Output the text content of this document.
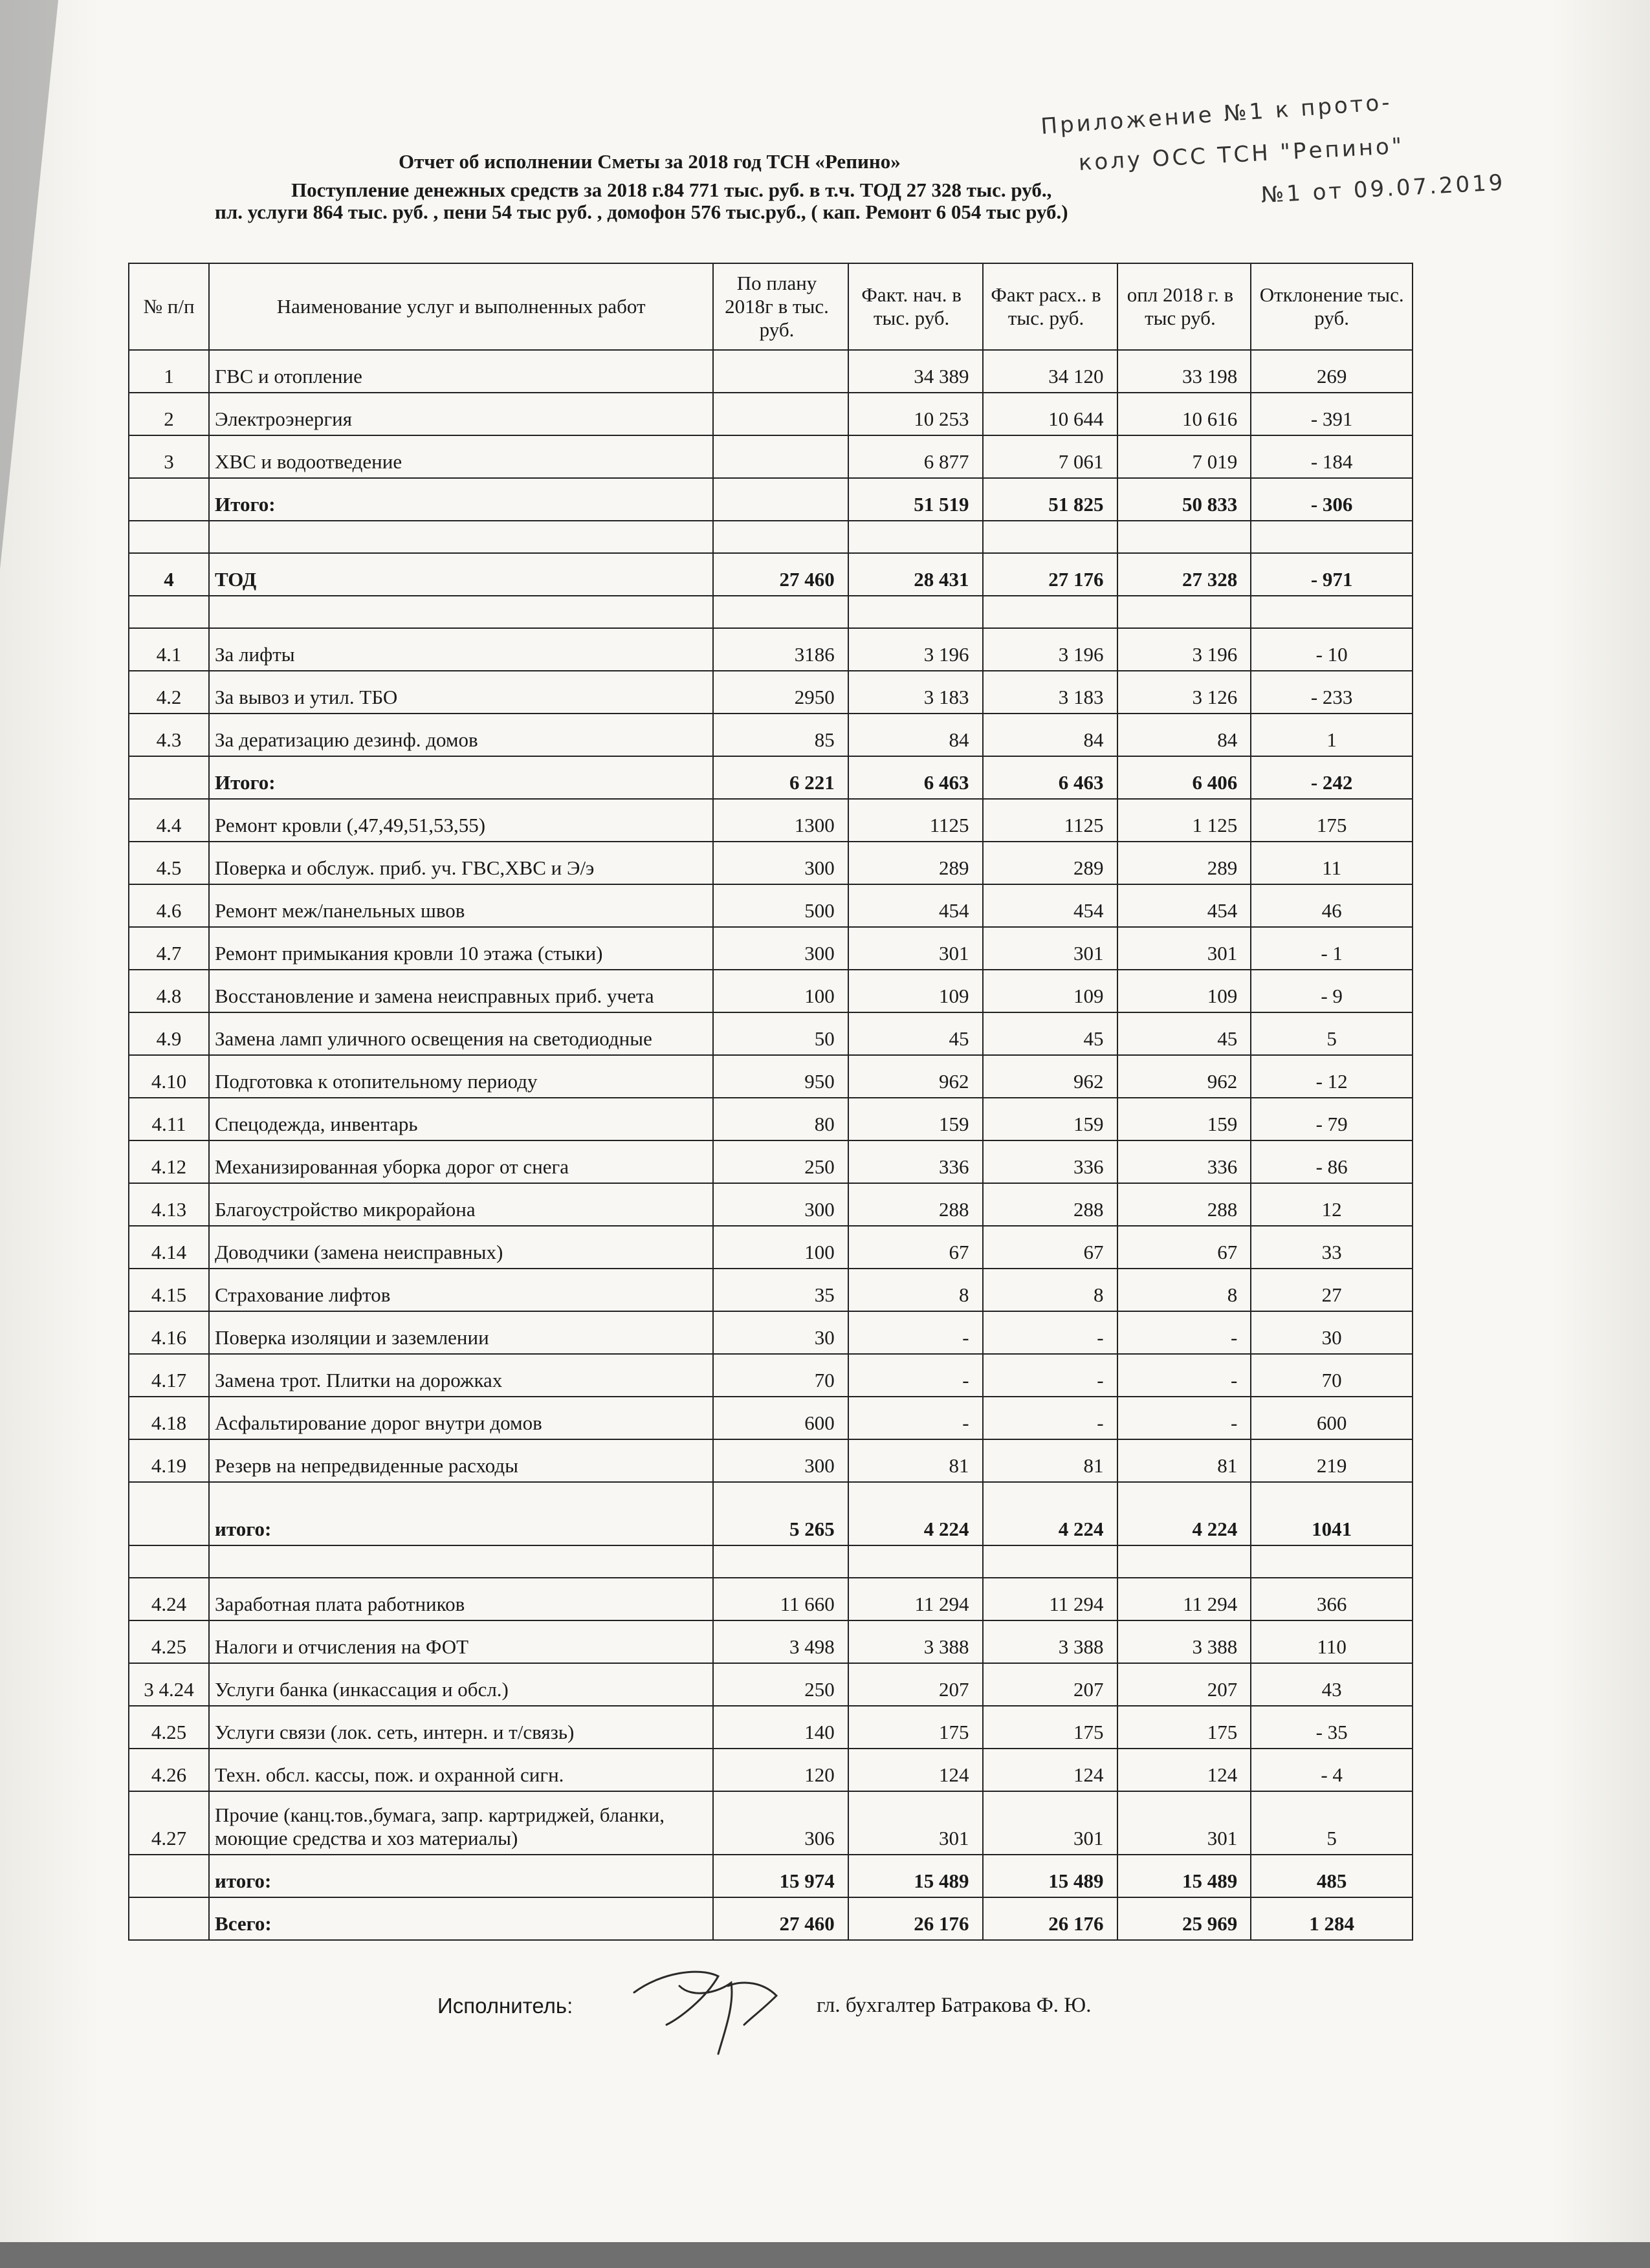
Приложение №1 к прото-
колу ОСС ТСН "Репино"
№1 от 09.07.2019
Отчет об исполнении Сметы за 2018 год ТСН «Репино»
Поступление денежных средств за 2018 г.84 771 тыс. руб. в т.ч. ТОД 27 328 тыс. руб.,
пл. услуги 864 тыс. руб. , пени 54 тыс руб. , домофон 576 тыс.руб., ( кап. Ремонт 6 054 тыс руб.)
№ п/п	Наименование услуг и выполненных работ	По плану 2018г в тыс. руб.	Факт. нач. в тыс. руб.	Факт расх.. в тыс. руб.	опл 2018 г. в тыс руб.	Отклонение тыс. руб.
1	ГВС и отопление		34 389	34 120	33 198	269
2	Электроэнергия		10 253	10 644	10 616	- 391
3	ХВС и водоотведение		6 877	7 061	7 019	- 184
	Итого:		51 519	51 825	50 833	- 306

4	ТОД	27 460	28 431	27 176	27 328	- 971

4.1	За лифты	3186	3 196	3 196	3 196	- 10
4.2	За вывоз и утил. ТБО	2950	3 183	3 183	3 126	- 233
4.3	За дератизацию дезинф. домов	85	84	84	84	1
	Итого:	6 221	6 463	6 463	6 406	- 242
4.4	Ремонт кровли (,47,49,51,53,55)	1300	1125	1125	1 125	175
4.5	Поверка и обслуж. приб. уч. ГВС,ХВС и Э/э	300	289	289	289	11
4.6	Ремонт меж/панельных швов	500	454	454	454	46
4.7	Ремонт примыкания кровли 10 этажа (стыки)	300	301	301	301	- 1
4.8	Восстановление и замена неисправных приб. учета	100	109	109	109	- 9
4.9	Замена ламп уличного освещения на светодиодные	50	45	45	45	5
4.10	Подготовка к отопительному периоду	950	962	962	962	- 12
4.11	Спецодежда, инвентарь	80	159	159	159	- 79
4.12	Механизированная уборка дорог от снега	250	336	336	336	- 86
4.13	Благоустройство микрорайона	300	288	288	288	12
4.14	Доводчики (замена неисправных)	100	67	67	67	33
4.15	Страхование лифтов	35	8	8	8	27
4.16	Поверка изоляции и заземлении	30	-	-	-	30
4.17	Замена трот. Плитки на дорожках	70	-	-	-	70
4.18	Асфальтирование дорог внутри домов	600	-	-	-	600
4.19	Резерв на непредвиденные расходы	300	81	81	81	219
	итого:	5 265	4 224	4 224	4 224	1041

4.24	Заработная плата работников	11 660	11 294	11 294	11 294	366
4.25	Налоги и отчисления на ФОТ	3 498	3 388	3 388	3 388	110
3 4.24	Услуги банка (инкассация и обсл.)	250	207	207	207	43
4.25	Услуги связи (лок. сеть, интерн. и т/связь)	140	175	175	175	- 35
4.26	Техн. обсл. кассы, пож. и охранной сигн.	120	124	124	124	- 4
4.27	Прочие (канц.тов.,бумага, запр. картриджей, бланки, моющие средства и хоз материалы)	306	301	301	301	5
	итого:	15 974	15 489	15 489	15 489	485
	Всего:	27 460	26 176	26 176	25 969	1 284
Исполнитель:	гл. бухгалтер Батракова Ф. Ю.
